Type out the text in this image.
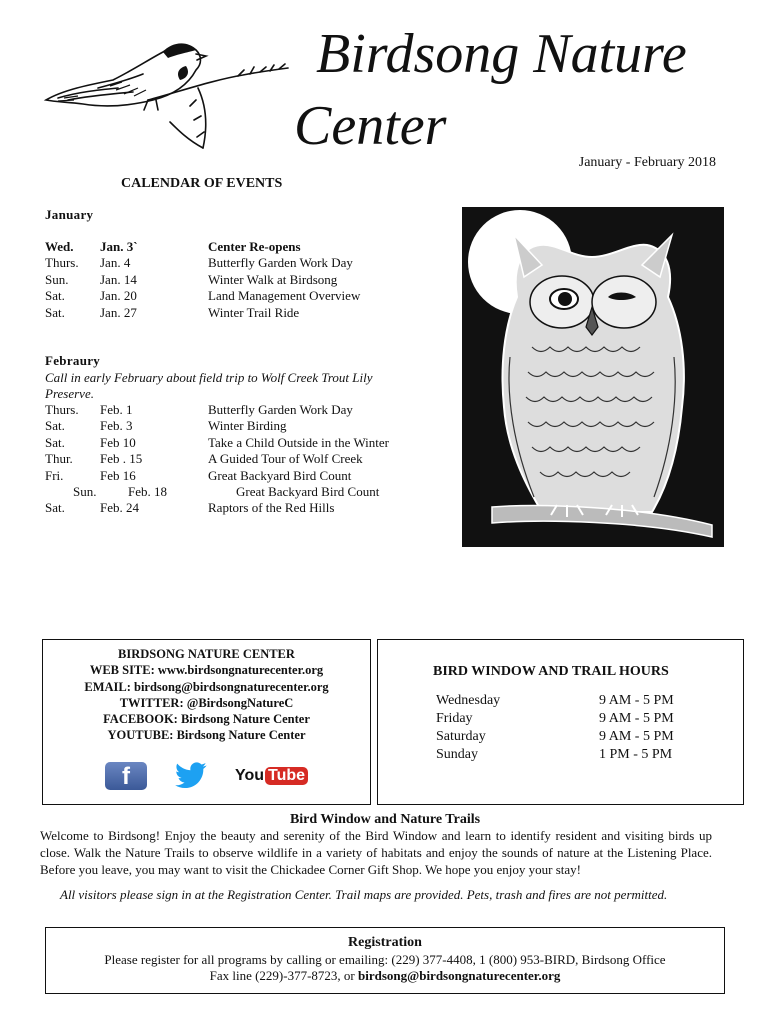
Birdsong Nature
Center
January - February 2018
CALENDAR OF EVENTS
January
Wed. Jan. 3`	Center Re-opens
Thurs. Jan. 4	Butterfly Garden Work Day
Sun. Jan. 14	Winter Walk at Birdsong
Sat.	Jan. 20	Land Management Overview
Sat.	Jan. 27	Winter Trail Ride
Febraury
Call in early February about field trip to Wolf Creek Trout Lily Preserve.
Thurs. Feb. 1	Butterfly Garden Work Day
Sat.	Feb. 3	Winter Birding
Sat.	Feb 10	Take a Child Outside in the Winter
Thur. Feb . 15	A Guided Tour of Wolf Creek
Fri.	Feb 16	Great Backyard Bird Count
Sun. Feb. 18	Great Backyard Bird Count
Sat.	Feb. 24	Raptors of the Red Hills
BIRDSONG NATURE CENTER
WEB SITE: www.birdsongnaturecenter.org
EMAIL: birdsong@birdsongnaturecenter.org
TWITTER: @BirdsongNatureC
FACEBOOK: Birdsong Nature Center
YOUTUBE: Birdsong Nature Center
f	You Tube
BIRD WINDOW AND TRAIL HOURS
Wednesday	9 AM - 5 PM
Friday	9 AM - 5 PM
Saturday	9 AM - 5 PM
Sunday	1 PM - 5 PM
Bird Window and Nature Trails
Welcome to Birdsong! Enjoy the beauty and serenity of the Bird Window and learn to identify resident and visiting birds up close. Walk the Nature Trails to observe wildlife in a variety of habitats and enjoy the sounds of nature at the Listening Place. Before you leave, you may want to visit the Chickadee Corner Gift Shop. We hope you enjoy your stay!
All visitors please sign in at the Registration Center. Trail maps are provided. Pets, trash and fires are not permitted.
Registration
Please register for all programs by calling or emailing: (229) 377-4408, 1 (800) 953-BIRD, Birdsong Office
Fax line (229)-377-8723, or birdsong@birdsongnaturecenter.org
